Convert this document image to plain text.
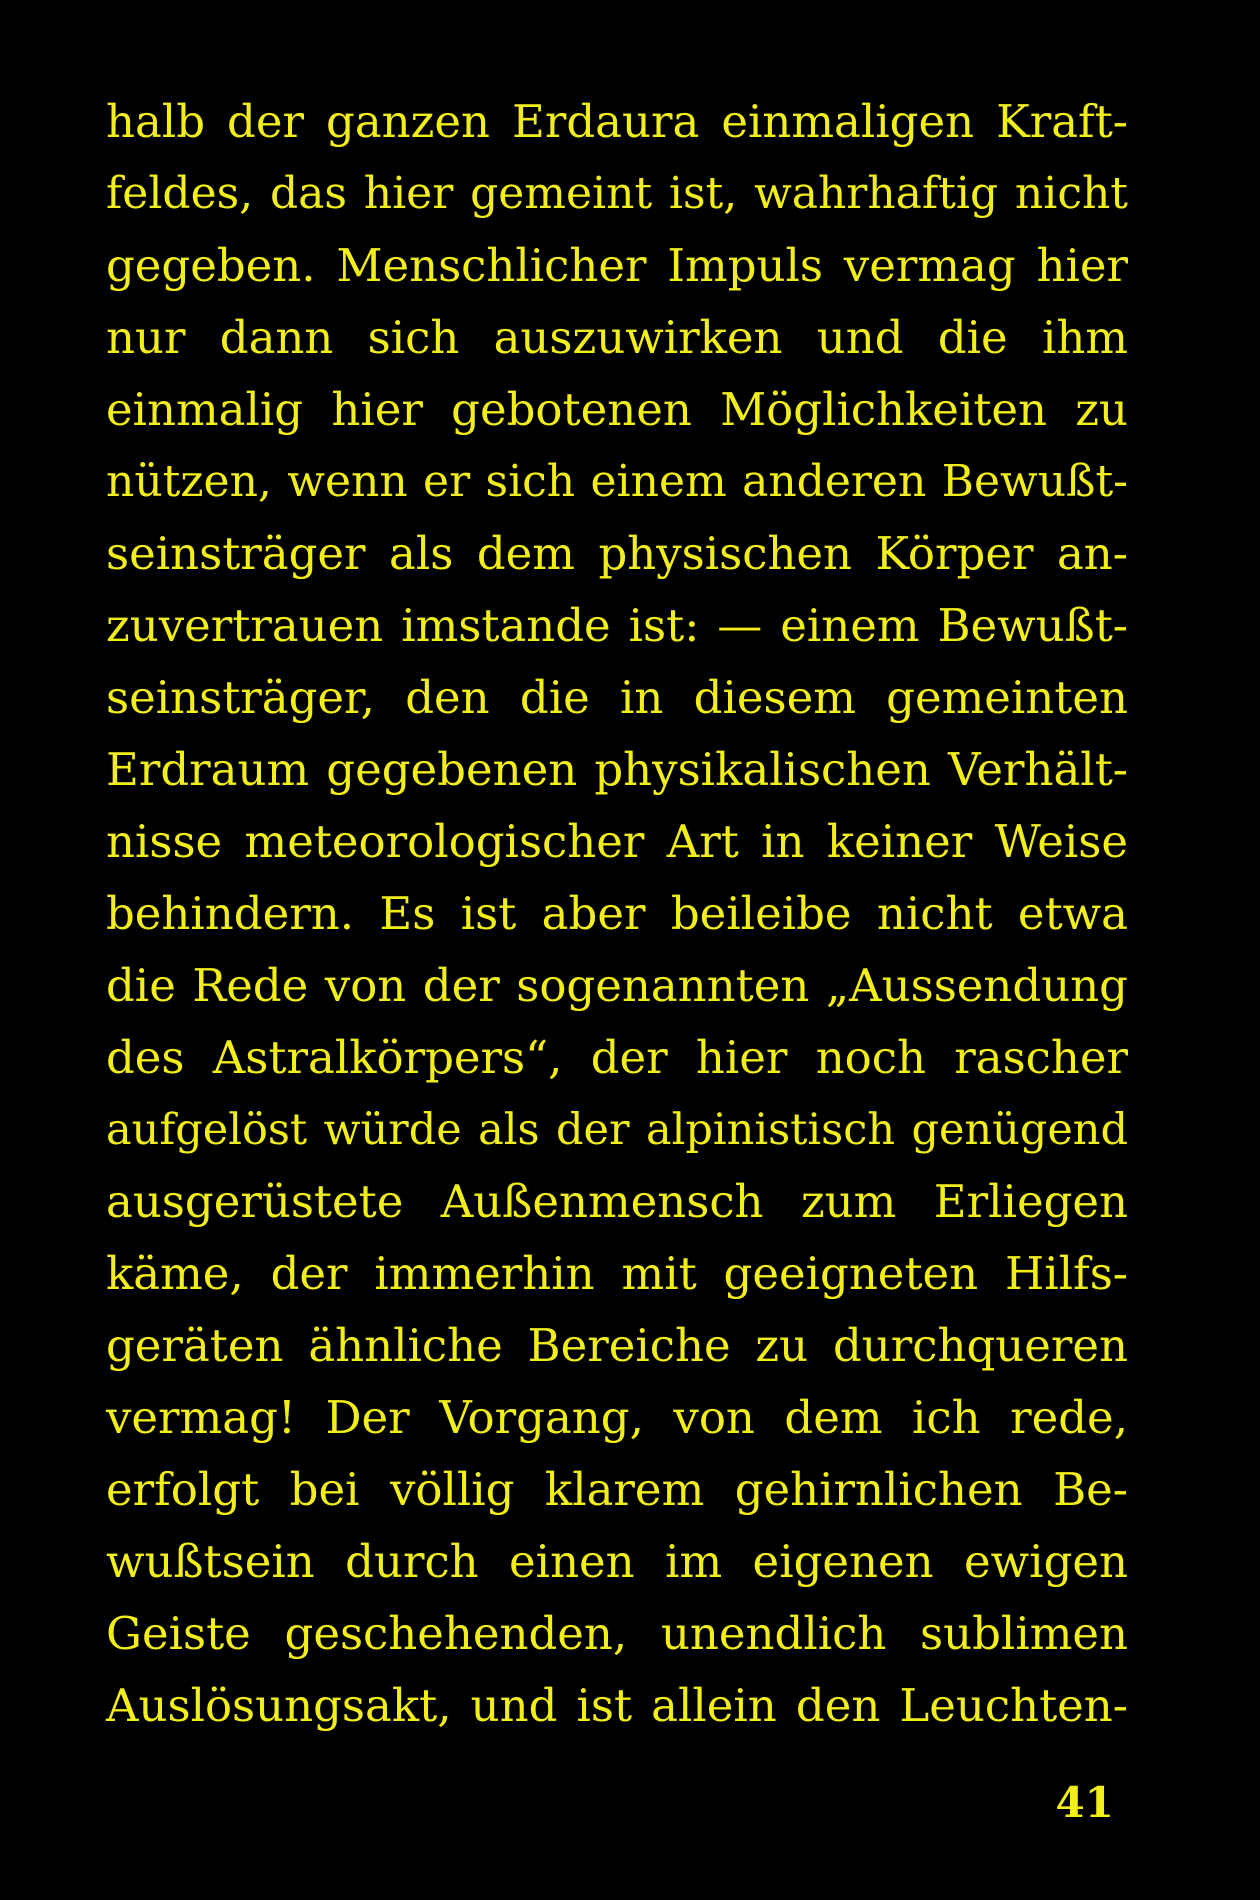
halb der ganzen Erdaura einmaligen Kraft-
feldes, das hier gemeint ist, wahrhaftig nicht
gegeben. Menschlicher Impuls vermag hier
nur dann sich auszuwirken und die ihm
einmalig hier gebotenen Möglichkeiten zu
nützen, wenn er sich einem anderen Bewußt-
seinsträger als dem physischen Körper an-
zuvertrauen imstande ist: — einem Bewußt-
seinsträger, den die in diesem gemeinten
Erdraum gegebenen physikalischen Verhält-
nisse meteorologischer Art in keiner Weise
behindern. Es ist aber beileibe nicht etwa
die Rede von der sogenannten „Aussendung
des Astralkörpers“, der hier noch rascher
aufgelöst würde als der alpinistisch genügend
ausgerüstete Außenmensch zum Erliegen
käme, der immerhin mit geeigneten Hilfs-
geräten ähnliche Bereiche zu durchqueren
vermag! Der Vorgang, von dem ich rede,
erfolgt bei völlig klarem gehirnlichen Be-
wußtsein durch einen im eigenen ewigen
Geiste geschehenden, unendlich sublimen
Auslösungsakt, und ist allein den Leuchten-
41
